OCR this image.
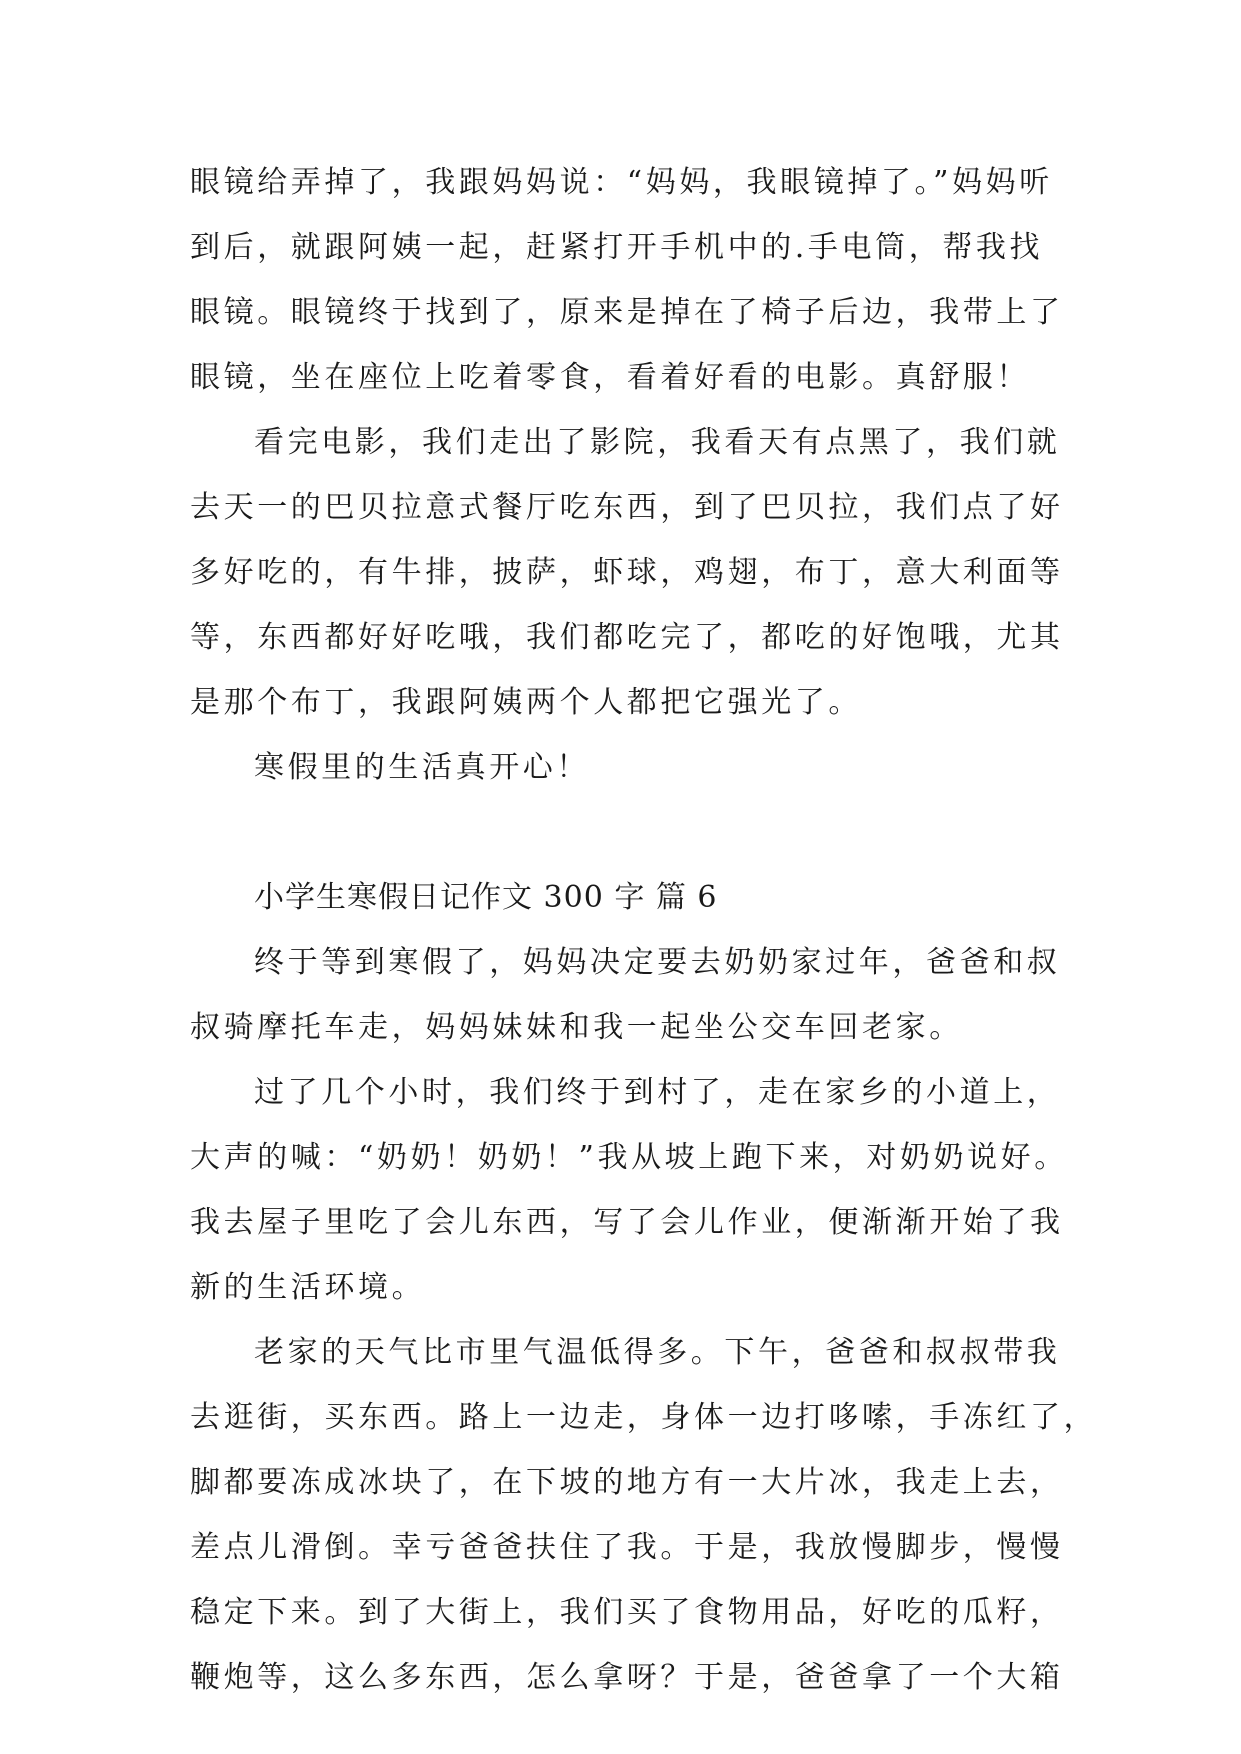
眼镜给弄掉了，我跟妈妈说：“妈妈，我眼镜掉了。”妈妈听
到后，就跟阿姨一起，赶紧打开手机中的.手电筒，帮我找
眼镜。眼镜终于找到了，原来是掉在了椅子后边，我带上了
眼镜，坐在座位上吃着零食，看着好看的电影。真舒服！
看完电影，我们走出了影院，我看天有点黑了，我们就
去天一的巴贝拉意式餐厅吃东西，到了巴贝拉，我们点了好
多好吃的，有牛排，披萨，虾球，鸡翅，布丁，意大利面等
等，东西都好好吃哦，我们都吃完了，都吃的好饱哦，尤其
是那个布丁，我跟阿姨两个人都把它强光了。
寒假里的生活真开心！
小学生寒假日记作文 300 字 篇 6
终于等到寒假了，妈妈决定要去奶奶家过年，爸爸和叔
叔骑摩托车走，妈妈妹妹和我一起坐公交车回老家。
过了几个小时，我们终于到村了，走在家乡的小道上，
大声的喊：“奶奶！奶奶！”我从坡上跑下来，对奶奶说好。
我去屋子里吃了会儿东西，写了会儿作业，便渐渐开始了我
新的生活环境。
老家的天气比市里气温低得多。下午，爸爸和叔叔带我
去逛街，买东西。路上一边走，身体一边打哆嗦，手冻红了，
脚都要冻成冰块了，在下坡的地方有一大片冰，我走上去，
差点儿滑倒。幸亏爸爸扶住了我。于是，我放慢脚步，慢慢
稳定下来。到了大街上，我们买了食物用品，好吃的瓜籽，
鞭炮等，这么多东西，怎么拿呀？于是，爸爸拿了一个大箱
